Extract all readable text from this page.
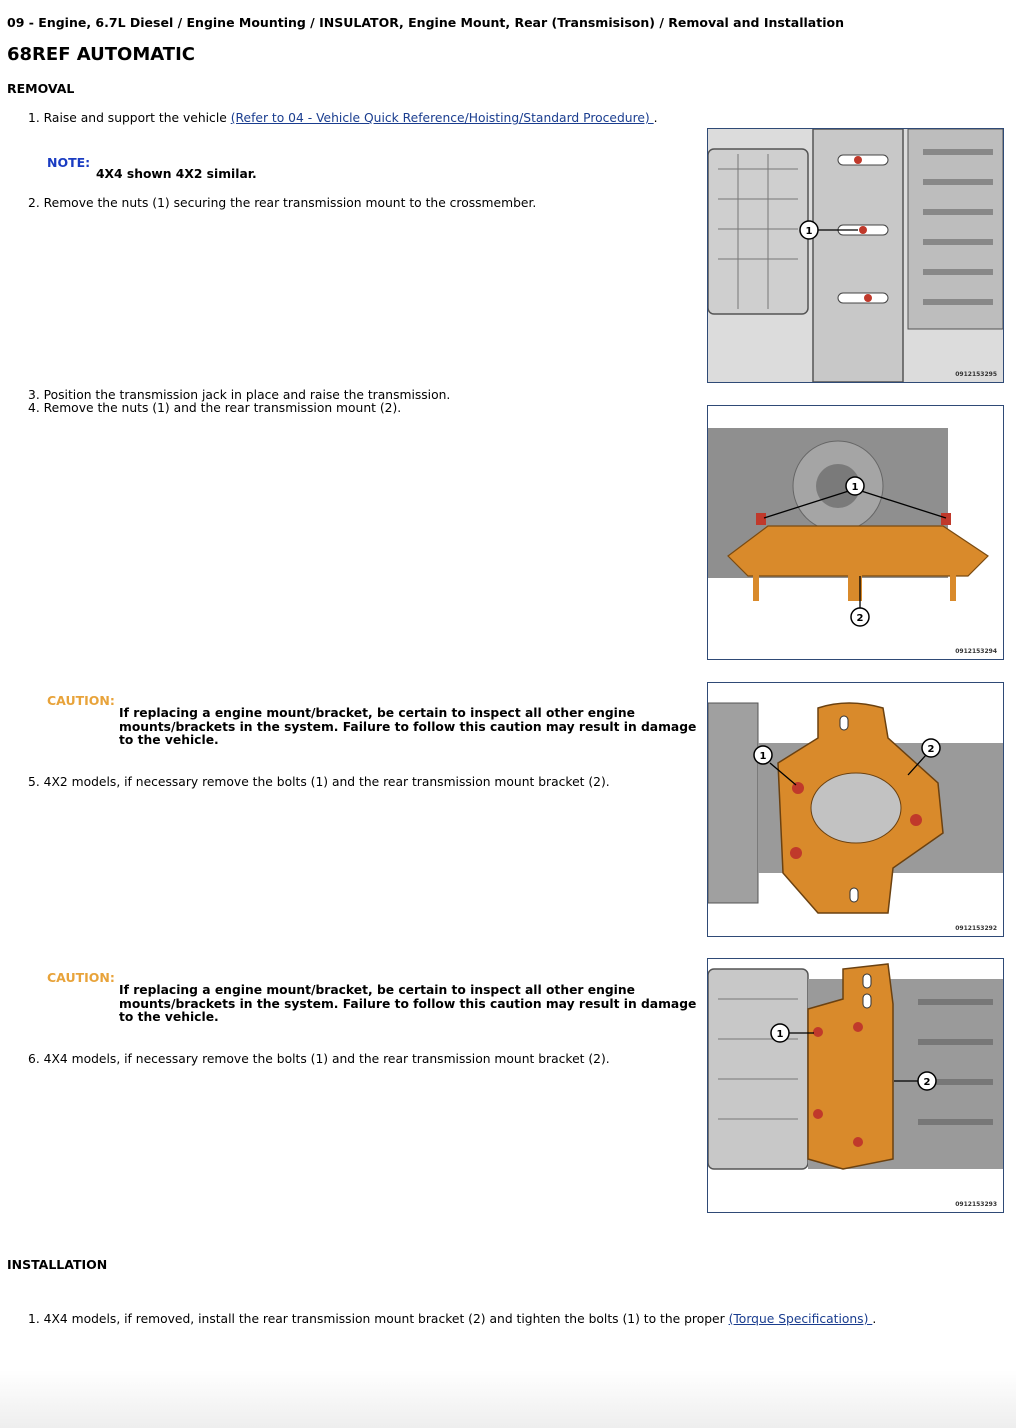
09 - Engine, 6.7L Diesel / Engine Mounting / INSULATOR, Engine Mount, Rear (Transmisison) / Removal and Installation
68REF AUTOMATIC
REMOVAL
1. Raise and support the vehicle (Refer to 04 - Vehicle Quick Reference/Hoisting/Standard Procedure) .
NOTE:
4X4 shown 4X2 similar.
2. Remove the nuts (1) securing the rear transmission mount to the crossmember.
3. Position the transmission jack in place and raise the transmission.
4. Remove the nuts (1) and the rear transmission mount (2).
CAUTION:
If replacing a engine mount/bracket, be certain to inspect all other engine
mounts/brackets in the system. Failure to follow this caution may result in damage
to the vehicle.
5. 4X2 models, if necessary remove the bolts (1) and the rear transmission mount bracket (2).
CAUTION:
If replacing a engine mount/bracket, be certain to inspect all other engine
mounts/brackets in the system. Failure to follow this caution may result in damage
to the vehicle.
6. 4X4 models, if necessary remove the bolts (1) and the rear transmission mount bracket (2).
INSTALLATION
1. 4X4 models, if removed, install the rear transmission mount bracket (2) and tighten the bolts (1) to the proper (Torque Specifications) .
1
0912153295
1
2
0912153294
1
2
0912153292
1
2
0912153293
